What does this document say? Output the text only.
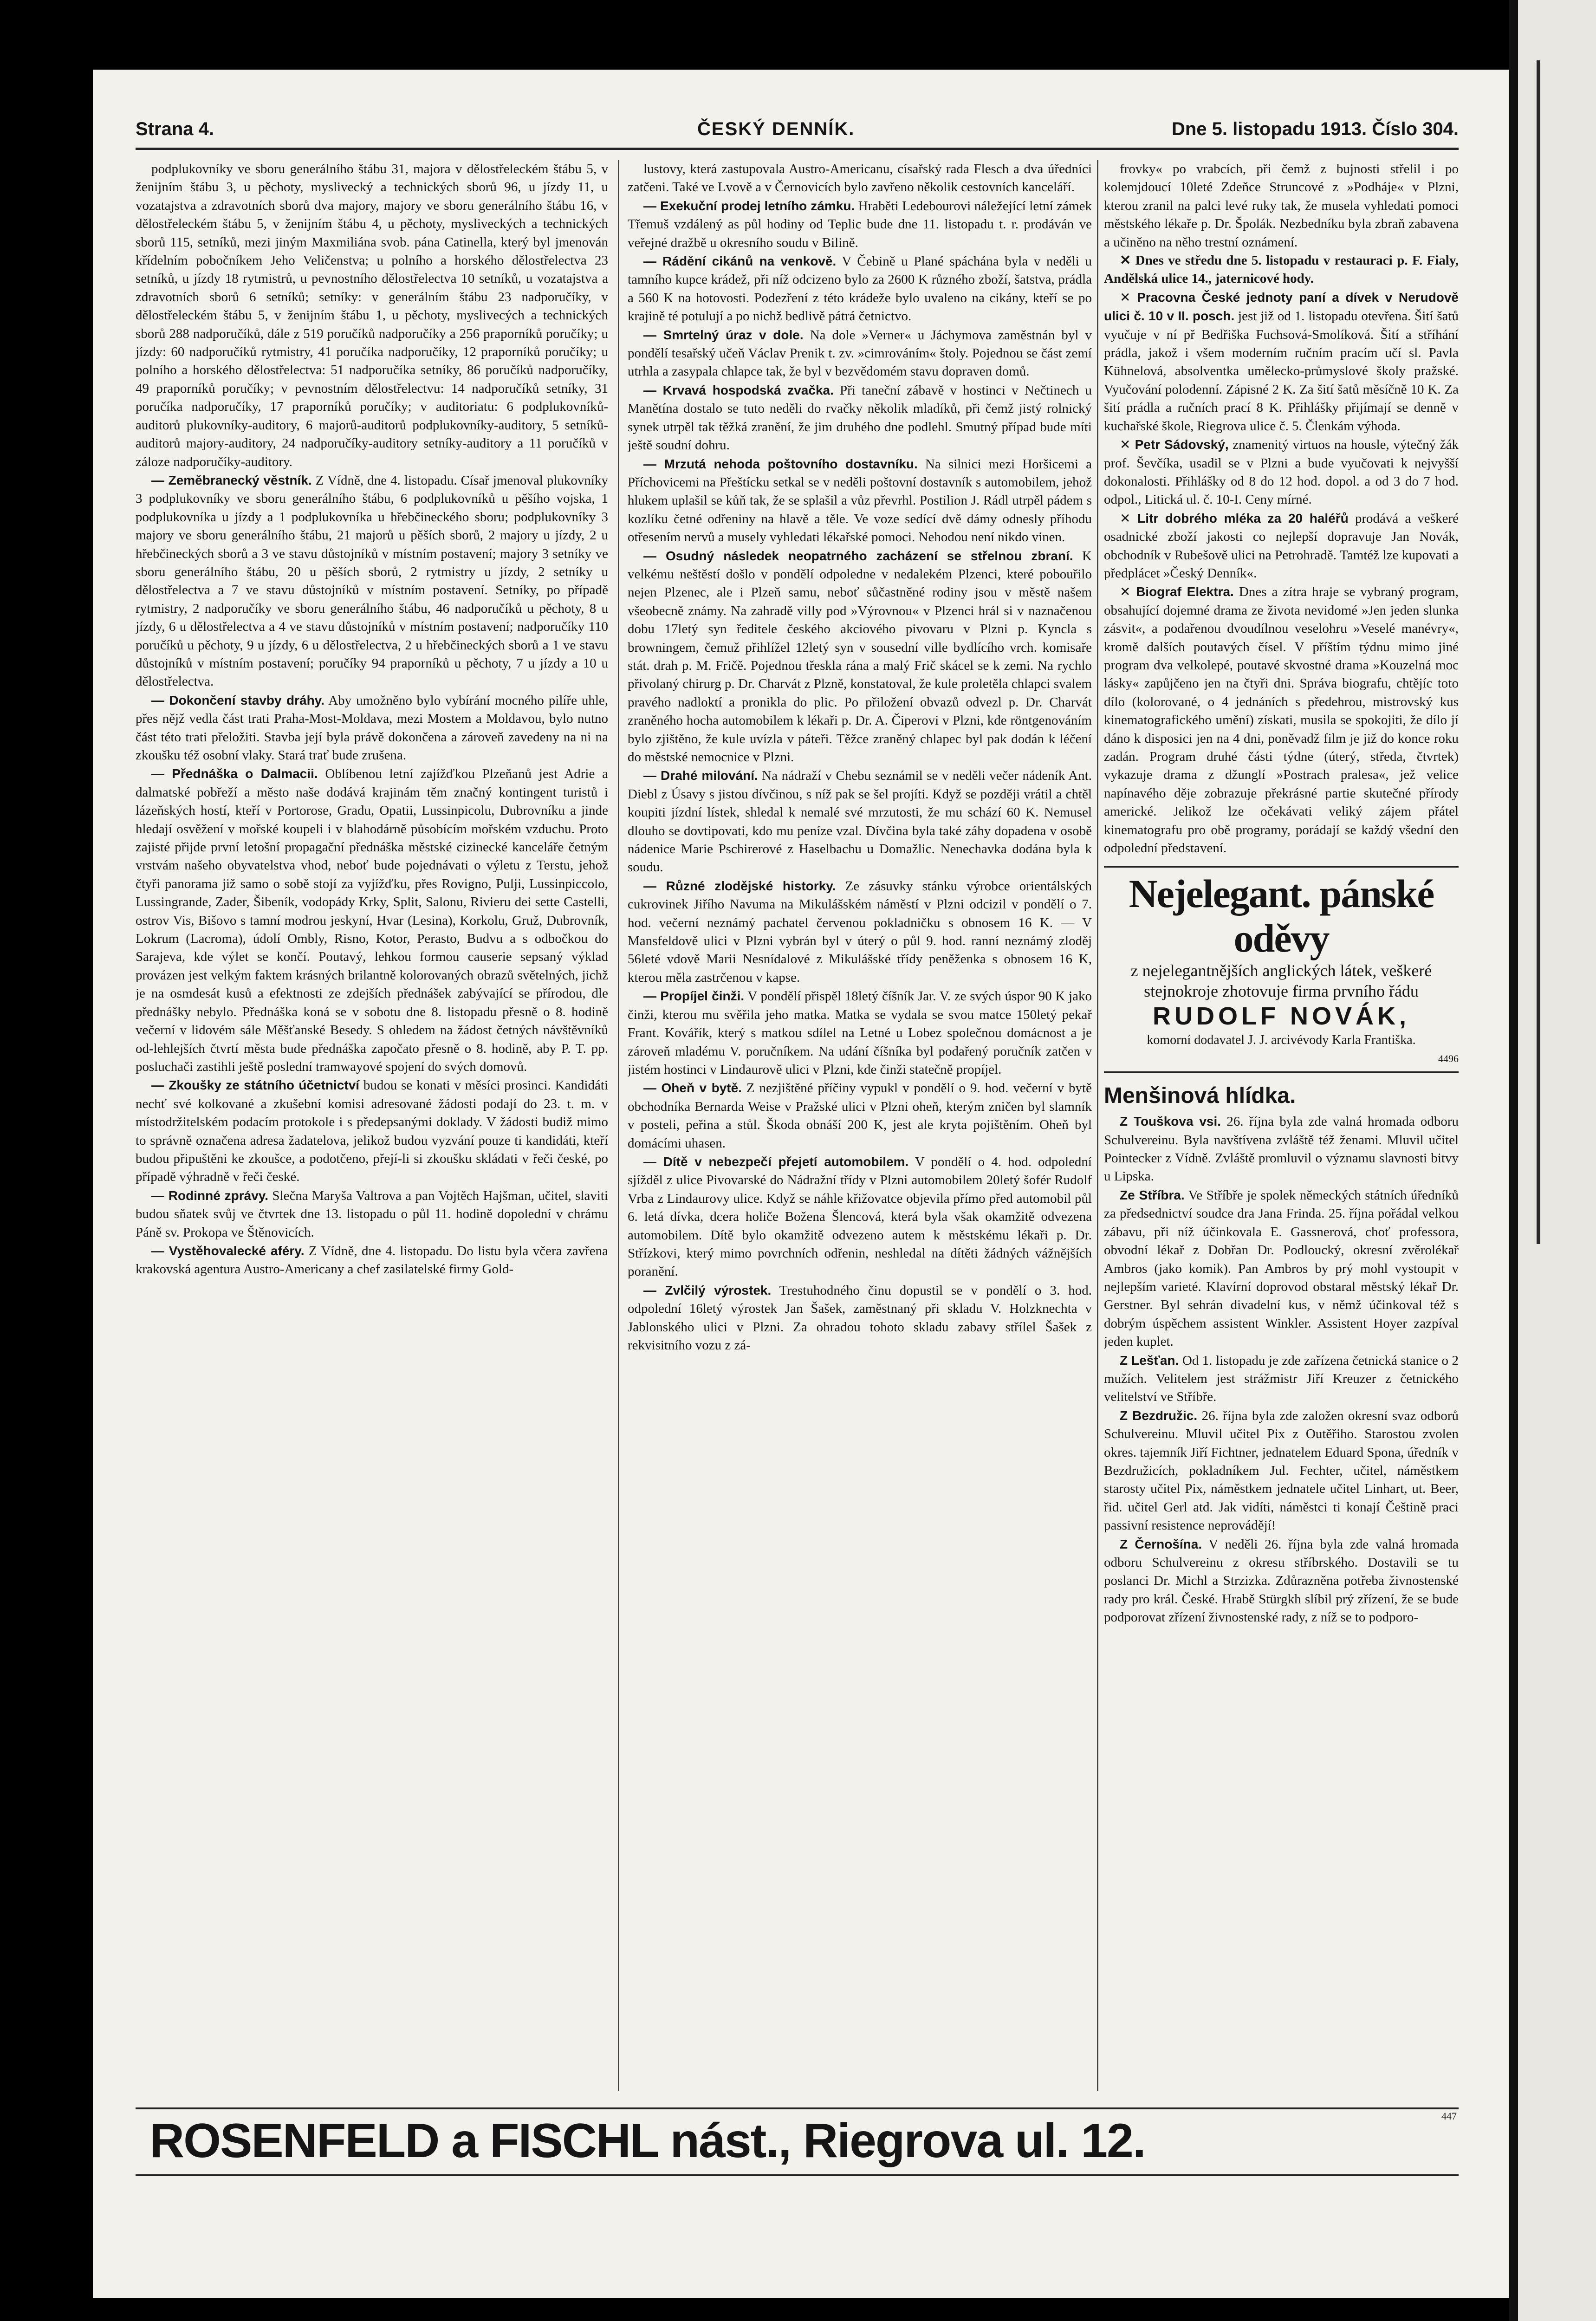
Strana 4.	ČESKÝ DENNÍK.	Dne 5. listopadu 1913. Číslo 304.

podplukovníky ve sboru generálního štábu 31, majora v dělostřeleckém štábu 5, v ženijním štábu 3, u pěchoty, myslivecký a technických sborů 96, u jízdy 11, u vozatajstva a zdravotních sborů dva majory, majory ve sboru generálního štábu 16, v dělostřeleckém štábu 5, v ženijním štábu 4, u pěchoty, mysliveckých a technických sborů 115, setníků, mezi jiným Maxmiliána svob. pána Catinella, který byl jmenován křídelním pobočníkem Jeho Veličenstva; u polního a horského dělostřelectva 23 setníků, u jízdy 18 rytmistrů, u pevnostního dělostřelectva 10 setníků, u vozatajstva a zdravotních sborů 6 setníků; setníky: v generálním štábu 23 nadporučíky, v dělostřeleckém štábu 5, v ženijním štábu 1, u pěchoty, myslivecých a technických sborů 288 nadporučíků, dále z 519 poručíků nadporučíky a 256 praporníků poručíky; u jízdy: 60 nadporučíků rytmistry, 41 poručíka nadporučíky, 12 praporníků poručíky; u polního a horského dělostřelectva: 51 nadporučíka setníky, 86 poručíků nadporučíky, 49 praporníků poručíky; v pevnostním dělostřelectvu: 14 nadporučíků setníky, 31 poručíka nadporučíky, 17 praporníků poručíky; v auditoriatu: 6 podplukovníků-auditorů plukovníky-auditory, 6 majorů-auditorů podplukovníky-auditory, 5 setníků-auditorů majory-auditory, 24 nadporučíky-auditory setníky-auditory a 11 poručíků v záloze nadporučíky-auditory.

— Zeměbranecký věstník. Z Vídně, dne 4. listopadu. Císař jmenoval plukovníky 3 podplukovníky ve sboru generálního štábu, 6 podplukovníků u pěšího vojska, 1 podplukovníka u jízdy a 1 podplukovníka u hřebčineckého sboru; podplukovníky 3 majory ve sboru generálního štábu, 21 majorů u pěších sborů, 2 majory u jízdy, 2 u hřebčineckých sborů a 3 ve stavu důstojníků v místním postavení; majory 3 setníky ve sboru generálního štábu, 20 u pěších sborů, 2 rytmistry u jízdy, 2 setníky u dělostřelectva a 7 ve stavu důstojníků v místním postavení. Setníky, po případě rytmistry, 2 nadporučíky ve sboru generálního štábu, 46 nadporučíků u pěchoty, 8 u jízdy, 6 u dělostřelectva a 4 ve stavu důstojníků v místním postavení; nadporučíky 110 poručíků u pěchoty, 9 u jízdy, 6 u dělostřelectva, 2 u hřebčineckých sborů a 1 ve stavu důstojníků v místním postavení; poručíky 94 praporníků u pěchoty, 7 u jízdy a 10 u dělostřelectva.

— Dokončení stavby dráhy. Aby umožněno bylo vybírání mocného pilíře uhle, přes nějž vedla část trati Praha-Most-Moldava, mezi Mostem a Moldavou, bylo nutno část této trati přeložiti. Stavba její byla právě dokončena a zároveň zavedeny na ni na zkoušku též osobní vlaky. Stará trať bude zrušena.

— Přednáška o Dalmacii. Oblíbenou letní zajížďkou Plzeňanů jest Adrie a dalmatské pobřeží a město naše dodává krajinám těm značný kontingent turistů i lázeňských hostí, kteří v Portorose, Gradu, Opatii, Lussinpicolu, Dubrovníku a jinde hledají osvěžení v mořské koupeli i v blahodárně působícím mořském vzduchu. Proto zajisté přijde první letošní propagační přednáška městské cizinecké kanceláře četným vrstvám našeho obyvatelstva vhod, neboť bude pojednávati o výletu z Terstu, jehož čtyři panorama již samo o sobě stojí za vyjížďku, přes Rovigno, Pulji, Lussinpiccolo, Lussingrande, Zader, Šibeník, vodopády Krky, Split, Salonu, Rivieru dei sette Castelli, ostrov Vis, Bišovo s tamní modrou jeskyní, Hvar (Lesina), Korkolu, Gruž, Dubrovník, Lokrum (Lacroma), údolí Ombly, Risno, Kotor, Perasto, Budvu a s odbočkou do Sarajeva, kde výlet se končí. Poutavý, lehkou formou causerie sepsaný výklad provázen jest velkým faktem krásných brilantně kolorovaných obrazů světelných, jichž je na osmdesát kusů a efektnosti ze zdejších přednášek zabývající se přírodou, dle přednášky nebylo. Přednáška koná se v sobotu dne 8. listopadu přesně o 8. hodině večerní v lidovém sále Měšťanské Besedy. S ohledem na žádost četných návštěvníků od-lehlejších čtvrtí města bude přednáška započato přesně o 8. hodině, aby P. T. pp. posluchači zastihli ještě poslední tramwayové spojení do svých domovů.

— Zkoušky ze státního účetnictví budou se konati v měsíci prosinci. Kandidáti nechť své kolkované a zkušební komisi adresované žádosti podají do 23. t. m. v místodržitelském podacím protokole i s předepsanými doklady. V žádosti budiž mimo to správně označena adresa žadatelova, jelikož budou vyzvání pouze ti kandidáti, kteří budou připuštěni ke zkoušce, a podotčeno, přejí-li si zkoušku skládati v řeči české, po případě výhradně v řeči české.

— Rodinné zprávy. Slečna Maryša Valtrova a pan Vojtěch Hajšman, učitel, slaviti budou sňatek svůj ve čtvrtek dne 13. listopadu o půl 11. hodině dopolední v chrámu Páně sv. Prokopa ve Štěnovicích.

— Vystěhovalecké aféry. Z Vídně, dne 4. listopadu. Do listu byla včera zavřena krakovská agentura Austro-Americany a chef zasilatelské firmy Gold-

lustovy, která zastupovala Austro-Americanu, císařský rada Flesch a dva úředníci zatčeni. Také ve Lvově a v Černovicích bylo zavřeno několik cestovních kanceláří.

— Exekuční prodej letního zámku. Hraběti Ledebourovi náležející letní zámek Třemuš vzdálený as půl hodiny od Teplic bude dne 11. listopadu t. r. prodáván ve veřejné dražbě u okresního soudu v Bilině.

— Rádění cikánů na venkově. V Čebině u Plané spáchána byla v neděli u tamního kupce krádež, při níž odcizeno bylo za 2600 K různého zboží, šatstva, prádla a 560 K na hotovosti. Podezření z této krádeže bylo uvaleno na cikány, kteří se po krajině té potulují a po nichž bedlivě pátrá četnictvo.

— Smrtelný úraz v dole. Na dole »Verner« u Jáchymova zaměstnán byl v pondělí tesařský učeň Václav Prenik t. zv. »cimrováním« štoly. Pojednou se část zemí utrhla a zasypala chlapce tak, že byl v bezvědomém stavu dopraven domů.

— Krvavá hospodská zvačka. Při taneční zábavě v hostinci v Nečtinech u Manětína dostalo se tuto neděli do rvačky několik mladíků, při čemž jistý rolnický synek utrpěl tak těžká zranění, že jim druhého dne podlehl. Smutný případ bude míti ještě soudní dohru.

— Mrzutá nehoda poštovního dostavníku. Na silnici mezi Horšicemi a Příchovicemi na Přeštícku setkal se v neděli poštovní dostavník s automobilem, jehož hlukem uplašil se kůň tak, že se splašil a vůz převrhl. Postilion J. Rádl utrpěl pádem s kozlíku četné odřeniny na hlavě a těle. Ve voze sedící dvě dámy odnesly příhodu otřesením nervů a musely vyhledati lékařské pomoci. Nehodou není nikdo vinen.

— Osudný následek neopatrného zacházení se střelnou zbraní. K velkému neštěstí došlo v pondělí odpoledne v nedalekém Plzenci, které pobouřilo nejen Plzenec, ale i Plzeň samu, neboť sůčastněné rodiny jsou v městě našem všeobecně známy. Na zahradě villy pod »Výrovnou« v Plzenci hrál si v naznačenou dobu 17letý syn ředitele českého akciového pivovaru v Plzni p. Kyncla s browningem, čemuž přihlížel 12letý syn v sousední ville bydlícího vrch. komisaře stát. drah p. M. Fričě. Pojednou třeskla rána a malý Frič skácel se k zemi. Na rychlo přivolaný chirurg p. Dr. Charvát z Plzně, konstatoval, že kule proletěla chlapci svalem pravého nadloktí a pronikla do plic. Po přiložení obvazů odvezl p. Dr. Charvát zraněného hocha automobilem k lékaři p. Dr. A. Čiperovi v Plzni, kde röntgenováním bylo zjištěno, že kule uvízla v páteři. Těžce zraněný chlapec byl pak dodán k léčení do městské nemocnice v Plzni.

— Drahé milování. Na nádraží v Chebu seznámil se v neděli večer nádeník Ant. Diebl z Úsavy s jistou dívčinou, s níž pak se šel projíti. Když se později vrátil a chtěl koupiti jízdní lístek, shledal k nemalé své mrzutosti, že mu schází 60 K. Nemusel dlouho se dovtipovati, kdo mu peníze vzal. Dívčina byla také záhy dopadena v osobě nádenice Marie Pschirerové z Haselbachu u Domažlic. Nenechavka dodána byla k soudu.

— Různé zlodějské historky. Ze zásuvky stánku výrobce orientálských cukrovinek Jiřího Navuma na Mikulášském náměstí v Plzni odcizil v pondělí o 7. hod. večerní neznámý pachatel červenou pokladničku s obnosem 16 K. — V Mansfeldově ulici v Plzni vybrán byl v úterý o půl 9. hod. ranní neznámý zloděj 56leté vdově Marii Nesnídalové z Mikulášské třídy peněženka s obnosem 16 K, kterou měla zastrčenou v kapse.

— Propíjel činži. V pondělí přispěl 18letý číšník Jar. V. ze svých úspor 90 K jako činži, kterou mu svěřila jeho matka. Matka se vydala se svou matce 150letý pekař Frant. Kovářík, který s matkou sdílel na Letné u Lobez společnou domácnost a je zároveň mladému V. poručníkem. Na udání číšníka byl podařený poručník zatčen v jistém hostinci v Lindaurově ulici v Plzni, kde činži statečně propíjel.

— Oheň v bytě. Z nezjištěné příčiny vypukl v pondělí o 9. hod. večerní v bytě obchodníka Bernarda Weise v Pražské ulici v Plzni oheň, kterým zničen byl slamník v posteli, peřina a stůl. Škoda obnáší 200 K, jest ale kryta pojištěním. Oheň byl domácími uhasen.

— Dítě v nebezpečí přejetí automobilem. V pondělí o 4. hod. odpolední sjížděl z ulice Pivovarské do Nádražní třídy v Plzni automobilem 20letý šofér Rudolf Vrba z Lindaurovy ulice. Když se náhle křižovatce objevila přímo před automobil půl 6. letá dívka, dcera holiče Božena Šlencová, která byla však okamžitě odvezena automobilem. Dítě bylo okamžitě odvezeno autem k městskému lékaři p. Dr. Střízkovi, který mimo povrchních odřenin, neshledal na dítěti žádných vážnějších poranění.

— Zvlčilý výrostek. Trestuhodného činu dopustil se v pondělí o 3. hod. odpolední 16letý výrostek Jan Šašek, zaměstnaný při skladu V. Holzknechta v Jablonského ulici v Plzni. Za ohradou tohoto skladu zabavy střílel Šašek z rekvisitního vozu z zá-

frovky« po vrabcích, při čemž z bujnosti střelil i po kolemjdoucí 10leté Zdeňce Struncové z »Podháje« v Plzni, kterou zranil na palci levé ruky tak, že musela vyhledati pomoci městského lékaře p. Dr. Špolák. Nezbedníku byla zbraň zabavena a učiněno na něho trestní oznámení.

✕ Dnes ve středu dne 5. listopadu v restauraci p. F. Fialy, Andělská ulice 14., jaternicové hody.

✕ Pracovna České jednoty paní a dívek v Nerudově ulici č. 10 v II. posch. jest již od 1. listopadu otevřena. Šití šatů vyučuje v ní př Bedřiška Fuchsová-Smolíková. Šití a stříhání prádla, jakož i všem moderním ručním pracím učí sl. Pavla Kühnelová, absolventka umělecko-průmyslové školy pražské. Vyučování polodenní. Zápisné 2 K. Za šití šatů měsíčně 10 K. Za šití prádla a ručních prací 8 K. Přihlášky přijímají se denně v kuchařské škole, Riegrova ulice č. 5. Členkám výhoda.

✕ Petr Sádovský, znamenitý virtuos na housle, výtečný žák prof. Ševčíka, usadil se v Plzni a bude vyučovati k nejvyšší dokonalosti. Přihlášky od 8 do 12 hod. dopol. a od 3 do 7 hod. odpol., Litická ul. č. 10-I. Ceny mírné.

✕ Litr dobrého mléka za 20 haléřů prodává a veškeré osadnické zboží jakosti co nejlepší dopravuje Jan Novák, obchodník v Rubešově ulici na Petrohradě. Tamtéž lze kupovati a předplácet »Český Denník«.

✕ Biograf Elektra. Dnes a zítra hraje se vybraný program, obsahující dojemné drama ze života nevidomé »Jen jeden slunka zásvit«, a podařenou dvoudílnou veselohru »Veselé manévry«, kromě dalších poutavých čísel. V příštím týdnu mimo jiné program dva velkolepé, poutavé skvostné drama »Kouzelná moc lásky« zapůjčeno jen na čtyři dni. Správa biografu, chtějíc toto dílo (kolorované, o 4 jednáních s předehrou, mistrovský kus kinematografického umění) získati, musila se spokojiti, že dílo jí dáno k disposici jen na 4 dni, poněvadž film je již do konce roku zadán. Program druhé části týdne (úterý, středa, čtvrtek) vykazuje drama z džunglí »Postrach pralesa«, jež velice napínavého děje zobrazuje překrásné partie skutečné přírody americké. Jelikož lze očekávati veliký zájem přátel kinematografu pro obě programy, porádají se každý všední den odpolední představení.

Nejelegant. pánské oděvy
z nejelegantnějších anglických látek, veškeré stejnokroje zhotovuje firma prvního řádu
RUDOLF NOVÁK,
komorní dodavatel J. J. arcivévody Karla Františka.
4496
Menšinová hlídka.

Z Touškova vsi. 26. října byla zde valná hromada odboru Schulvereinu. Byla navštívena zvláště též ženami. Mluvil učitel Pointecker z Vídně. Zvláště promluvil o významu slavnosti bitvy u Lipska.

Ze Stříbra. Ve Stříbře je spolek německých státních úředníků za předsednictví soudce dra Jana Frinda. 25. října pořádal velkou zábavu, při níž účinkovala E. Gassnerová, choť professora, obvodní lékař z Dobřan Dr. Podloucký, okresní zvěrolékař Ambros (jako komik). Pan Ambros by prý mohl vystoupit v nejlepším varieté. Klavírní doprovod obstaral městský lékař Dr. Gerstner. Byl sehrán divadelní kus, v němž účinkoval též s dobrým úspěchem assistent Winkler. Assistent Hoyer zazpíval jeden kuplet.

Z Lešťan. Od 1. listopadu je zde zařízena četnická stanice o 2 mužích. Velitelem jest strážmistr Jiří Kreuzer z četnického velitelství ve Stříbře.

Z Bezdružic. 26. října byla zde založen okresní svaz odborů Schulvereinu. Mluvil učitel Pix z Outěřiho. Starostou zvolen okres. tajemník Jiří Fichtner, jednatelem Eduard Spona, úředník v Bezdružicích, pokladníkem Jul. Fechter, učitel, náměstkem starosty učitel Pix, náměstkem jednatele učitel Linhart, ut. Beer, řid. učitel Gerl atd. Jak vidíti, náměstci ti konají Češtině praci passivní resistence neprovádějí!

Z Černošína. V neděli 26. října byla zde valná hromada odboru Schulvereinu z okresu stříbrského. Dostavili se tu poslanci Dr. Michl a Strzizka. Zdůrazněna potřeba živnostenské rady pro král. České. Hrabě Stürgkh slíbil prý zřízení, že se bude podporovat zřízení živnostenské rady, z níž se to podporo-

ROSENFELD a FISCHL nást., Riegrova ul. 12.	447
